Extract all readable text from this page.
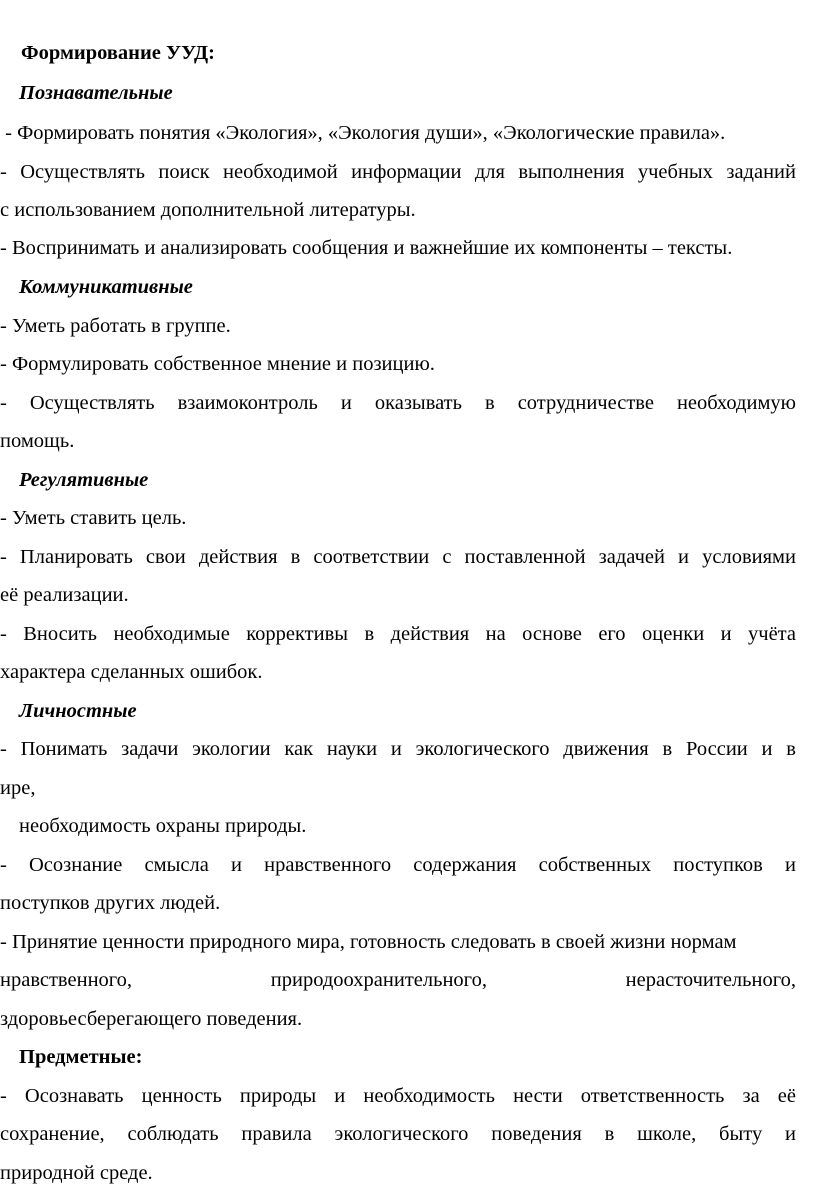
Формирование УУД:
Познавательные
- Формировать понятия «Экология», «Экология души», «Экологические правила».
- Осуществлять поиск необходимой информации для выполнения учебных заданий
с использованием дополнительной литературы.
- Воспринимать и анализировать сообщения и важнейшие их компоненты – тексты.
Коммуникативные
- Уметь работать в группе.
- Формулировать собственное мнение и позицию.
- Осуществлять взаимоконтроль и оказывать в сотрудничестве необходимую
помощь.
Регулятивные
- Уметь ставить цель.
- Планировать свои действия в соответствии с поставленной задачей и условиями
её реализации.
- Вносить необходимые коррективы в действия на основе его оценки и учёта
характера сделанных ошибок.
Личностные
- Понимать задачи экологии как науки и экологического движения в России и в
ире,
необходимость охраны природы.
- Осознание смысла и нравственного содержания собственных поступков и
поступков других людей.
- Принятие ценности природного мира, готовность следовать в своей жизни нормам
нравственного, природоохранительного, нерасточительного,
здоровьесберегающего поведения.
Предметные:
- Осознавать ценность природы и необходимость нести ответственность за её
сохранение, соблюдать правила экологического поведения в школе, быту и
природной среде.
